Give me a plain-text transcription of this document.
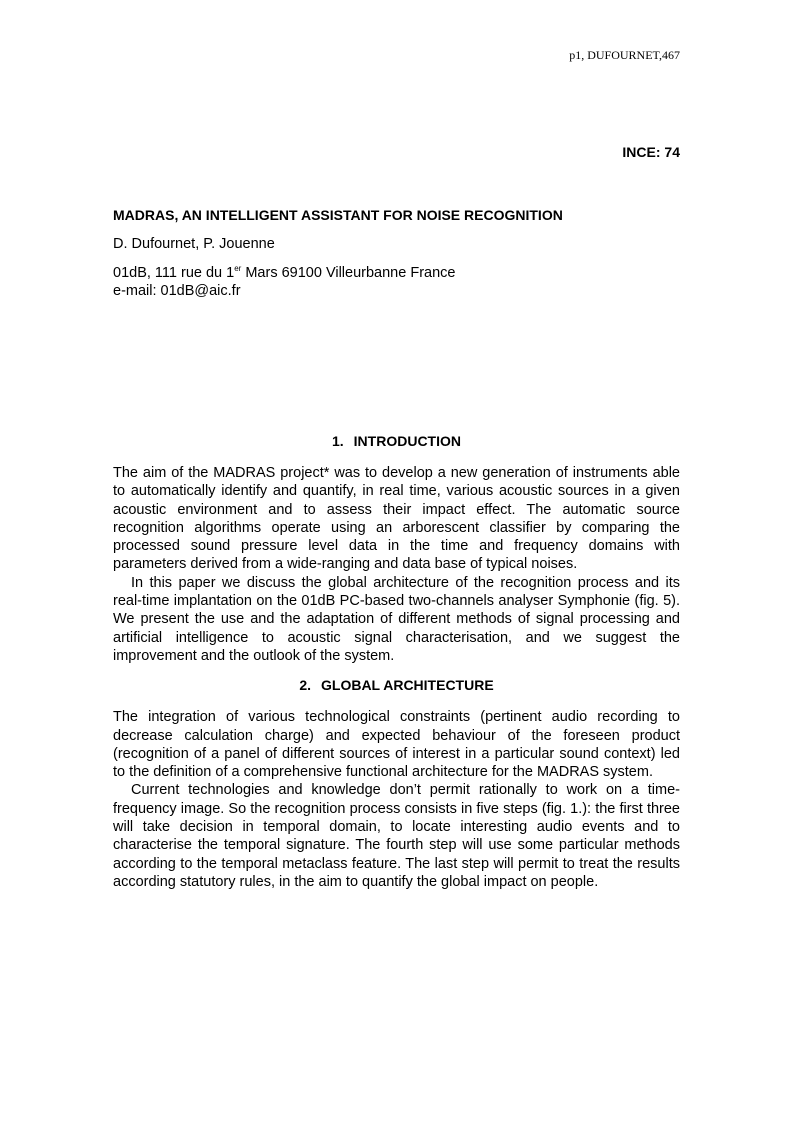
p1, DUFOURNET,467
INCE: 74

MADRAS, AN INTELLIGENT ASSISTANT FOR NOISE RECOGNITION

D. Dufournet, P. Jouenne

01dB, 111 rue du 1er Mars 69100 Villeurbanne France

e-mail: 01dB@aic.fr

1. INTRODUCTION

The aim of the MADRAS project* was to develop a new generation of instruments able to automatically identify and quantify, in real time, various acoustic sources in a given acoustic environment and to assess their impact effect. The automatic source recognition algorithms operate using an arborescent classifier by comparing the processed sound pressure level data in the time and frequency domains with parameters derived from a wide-ranging and data base of typical noises.

In this paper we discuss the global architecture of the recognition process and its real-time implantation on the 01dB PC-based two-channels analyser Symphonie (fig. 5). We present the use and the adaptation of different methods of signal processing and artificial intelligence to acoustic signal characterisation, and we suggest the improvement and the outlook of the system.

2. GLOBAL ARCHITECTURE

The integration of various technological constraints (pertinent audio recording to decrease calculation charge) and expected behaviour of the foreseen product (recognition of a panel of different sources of interest in a particular sound context) led to the definition of a comprehensive functional architecture for the MADRAS system.

Current technologies and knowledge don’t permit rationally to work on a time-frequency image. So the recognition process consists in five steps (fig. 1.): the first three will take decision in temporal domain, to locate interesting audio events and to characterise the temporal signature. The fourth step will use some particular methods according to the temporal metaclass feature. The last step will permit to treat the results according statutory rules, in the aim to quantify the global impact on people.
